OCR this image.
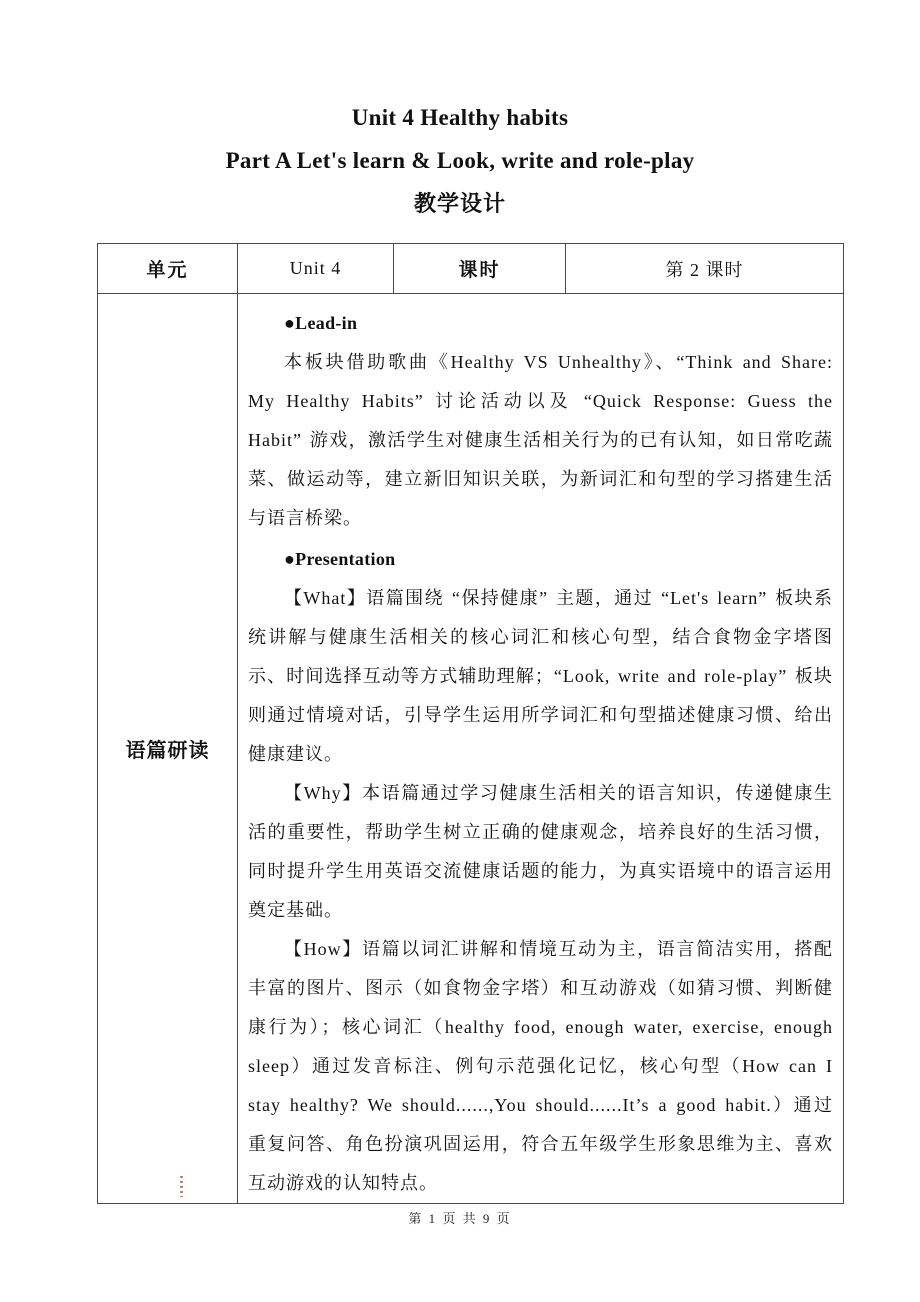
Unit 4 Healthy habits
Part A Let's learn & Look, write and role-play
教学设计
单元	Unit 4	课时	第 2 课时
语篇研读	

●Lead-in

本板块借助歌曲《Healthy VS Unhealthy》、“Think and Share: My Healthy Habits” 讨论活动以及 “Quick Response: Guess the Habit” 游戏，激活学生对健康生活相关行为的已有认知，如日常吃蔬菜、做运动等，建立新旧知识关联，为新词汇和句型的学习搭建生活与语言桥梁。

●Presentation

【What】语篇围绕 “保持健康” 主题，通过 “Let's learn” 板块系统讲解与健康生活相关的核心词汇和核心句型，结合食物金字塔图示、时间选择互动等方式辅助理解；“Look, write and role-play” 板块则通过情境对话，引导学生运用所学词汇和句型描述健康习惯、给出健康建议。

【Why】本语篇通过学习健康生活相关的语言知识，传递健康生活的重要性，帮助学生树立正确的健康观念，培养良好的生活习惯，同时提升学生用英语交流健康话题的能力，为真实语境中的语言运用奠定基础。

【How】语篇以词汇讲解和情境互动为主，语言简洁实用，搭配丰富的图片、图示（如食物金字塔）和互动游戏（如猜习惯、判断健康行为）；核心词汇（healthy food, enough water, exercise, enough sleep）通过发音标注、例句示范强化记忆，核心句型（How can I stay healthy? We should......,You should......It’s a good habit.）通过重复问答、角色扮演巩固运用，符合五年级学生形象思维为主、喜欢互动游戏的认知特点。

第 1 页 共 9 页
